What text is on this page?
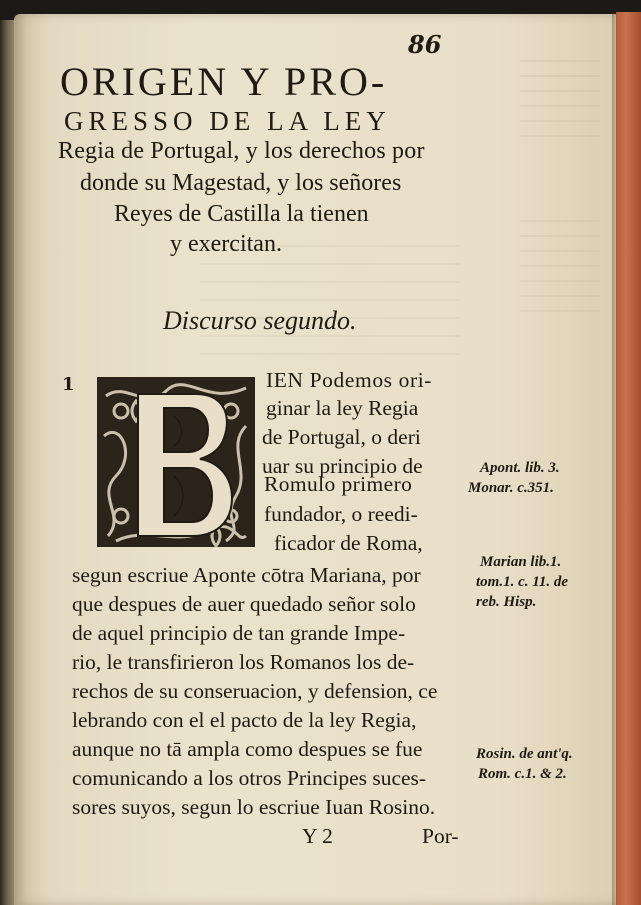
86
ORIGEN Y PRO-
GRESSO DE LA LEY
Regia de Portugal, y los derechos por
donde su Magestad, y los señores
Reyes de Castilla la tienen
y exercitan.
Discurso segundo.
1	IEN Podemos ori-
ginar la ley Regia
de Portugal, o deri
uar su principio de
Romulo primero
fundador, o reedi-
ficador de Roma,
segun escriue Aponte cōtra Mariana, por
que despues de auer quedado señor solo
de aquel principio de tan grande Impe-
rio, le transfirieron los Romanos los de-
rechos de su conseruacion, y defension, ce
lebrando con el el pacto de la ley Regia,
aunque no tā ampla como despues se fue
comunicando a los otros Principes suces-
sores suyos, segun lo escriue Iuan Rosino.
Y 2	Por-
Apont. lib. 3.
Monar. c.351.
Marian lib.1.
tom.1. c. 11. de
reb. Hisp.
Rosin. de ant'q.
Rom. c.1. & 2.
